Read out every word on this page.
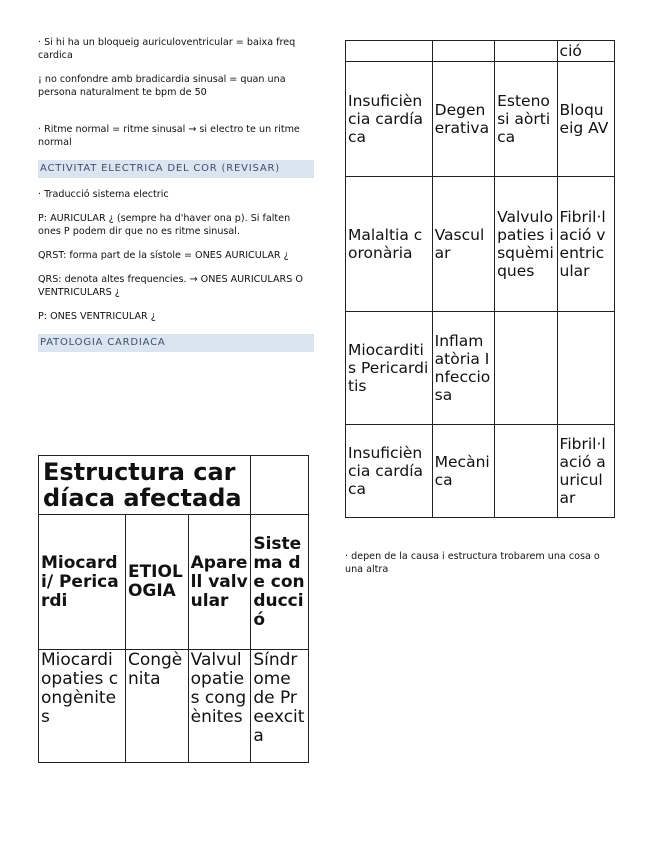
· Si hi ha un bloqueig auriculoventricular = baixa freq cardica

¡ no confondre amb bradicardia sinusal = quan una persona naturalment te bpm de 50

· Ritme normal = ritme sinusal → si electro te un ritme normal

ACTIVITAT ELECTRICA DEL COR (REVISAR)

· Traducció sistema electric

P: AURICULAR ¿ (sempre ha d'haver ona p). Si falten ones P podem dir que no es ritme sinusal.

QRST: forma part de la sístole = ONES AURICULAR ¿

QRS: denota altes frequencies. → ONES AURICULARS O VENTRICULARS ¿

P: ONES VENTRICULAR ¿

PATOLOGIA CARDIACA
Estructura cardíaca afectada			
Miocardi/ Pericardi	ETIOLOGIA	Aparell valvular	Sistema de conducció
Miocardiopaties congènites	Congènita	Valvulopaties congènites	Síndrome de Preexcita
			ció
Insuficiència cardíaca	Degenerativa	Estenosi aòrtica	Bloqueig AV
Malaltia coronària	Vascular	Valvulopaties isquèmiques	Fibril·lació ventricular
Miocarditis Pericarditis	Inflamatòria Infecciosa		
Insuficiència cardíaca	Mecànica		Fibril·lació auricular

· depen de la causa i estructura trobarem una cosa o una altra
